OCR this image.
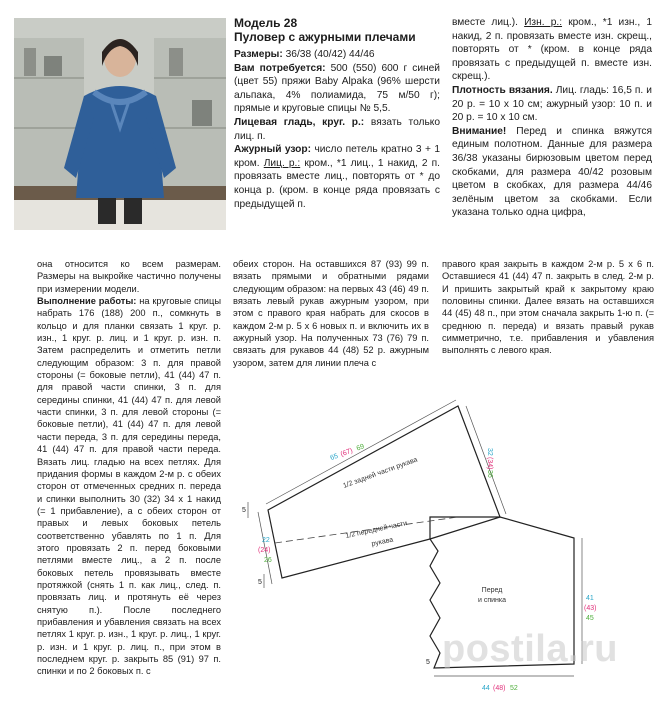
Модель 28
Пуловер с ажурными плечами

Размеры: 36/38 (40/42) 44/46

Вам потребуется: 500 (550) 600 г синей (цвет 55) пряжи Baby Alpaka (96% шерсти альпака, 4% полиамида, 75 м/50 г); прямые и круговые спицы № 5,5.

Лицевая гладь, круг. р.: вязать только лиц. п.

Ажурный узор: число петель кратно 3 + 1 кром. Лиц. р.: кром., *1 лиц., 1 накид, 2 п. провязать вместе лиц., повторять от * до конца р. (кром. в конце ряда провязать с предыдущей п.

вместе лиц.). Изн. р.: кром., *1 изн., 1 накид, 2 п. провязать вместе изн. скрещ., повторять от * (кром. в конце ряда провязать с предыдущей п. вместе изн. скрещ.).

Плотность вязания. Лиц. гладь: 16,5 п. и 20 р. = 10 х 10 см; ажурный узор: 10 п. и 20 р. = 10 х 10 см.

Внимание! Перед и спинка вяжутся единым полотном. Данные для размера 36/38 указаны бирюзовым цветом перед скобками, для размера 40/42 розовым цветом в скобках, для размера 44/46 зелёным цветом за скобками. Если указана только одна цифра,

она относится ко всем размерам. Размеры на выкройке частично получены при измерении модели.

Выполнение работы: на круговые спицы набрать 176 (188) 200 п., сомкнуть в кольцо и для планки связать 1 круг. р. изн., 1 круг. р. лиц. и 1 круг. р. изн. п. Затем распределить и отметить петли следующим образом: 3 п. для правой стороны (= боковые петли), 41 (44) 47 п. для правой части спинки, 3 п. для середины спинки, 41 (44) 47 п. для левой части спинки, 3 п. для левой стороны (= боковые петли), 41 (44) 47 п. для левой части переда, 3 п. для середины переда, 41 (44) 47 п. для правой части переда. Вязать лиц. гладью на всех петлях. Для придания формы в каждом 2-м р. с обеих сторон от отмеченных средних п. переда и спинки выполнить 30 (32) 34 х 1 накид (= 1 прибавление), а с обеих сторон от правых и левых боковых петель соответственно убавлять по 1 п. Для этого провязать 2 п. перед боковыми петлями вместе лиц., а 2 п. после боковых петель провязывать вместе протяжкой (снять 1 п. как лиц., след. п. провязать лиц. и протянуть её через снятую п.). После последнего прибавления и убавления связать на всех петлях 1 круг. р. изн., 1 круг. р. лиц., 1 круг. р. изн. и 1 круг. р. лиц. п., при этом в последнем круг. р. закрыть 85 (91) 97 п. спинки и по 2 боковых п. с

обеих сторон. На оставшихся 87 (93) 99 п. вязать прямыми и обратными рядами следующим образом: на первых 43 (46) 49 п. вязать левый рукав ажурным узором, при этом с правого края набрать для скосов в каждом 2-м р. 5 х 6 новых п. и включить их в ажурный узор. На полученных 73 (76) 79 п. связать для рукавов 44 (48) 52 р. ажурным узором, затем для линии плеча с

правого края закрыть в каждом 2-м р. 5 х 6 п. Оставшиеся 41 (44) 47 п. закрыть в след. 2-м р. И пришить закрытый край к закрытому краю половины спинки. Далее вязать на оставшихся 44 (45) 48 п., при этом сначала закрыть 1-ю п. (= среднюю п. переда) и вязать правый рукав симметрично, т.е. прибавления и убавления выполнять с левого края.

1/2 задней части рукава
1/2 передней части
рукава
Перед
и спинка
65 (67) 69	32
(34)
36
22
(24)
26
5
5
41
(43)
45
44 (48) 52
5 postila.ru
